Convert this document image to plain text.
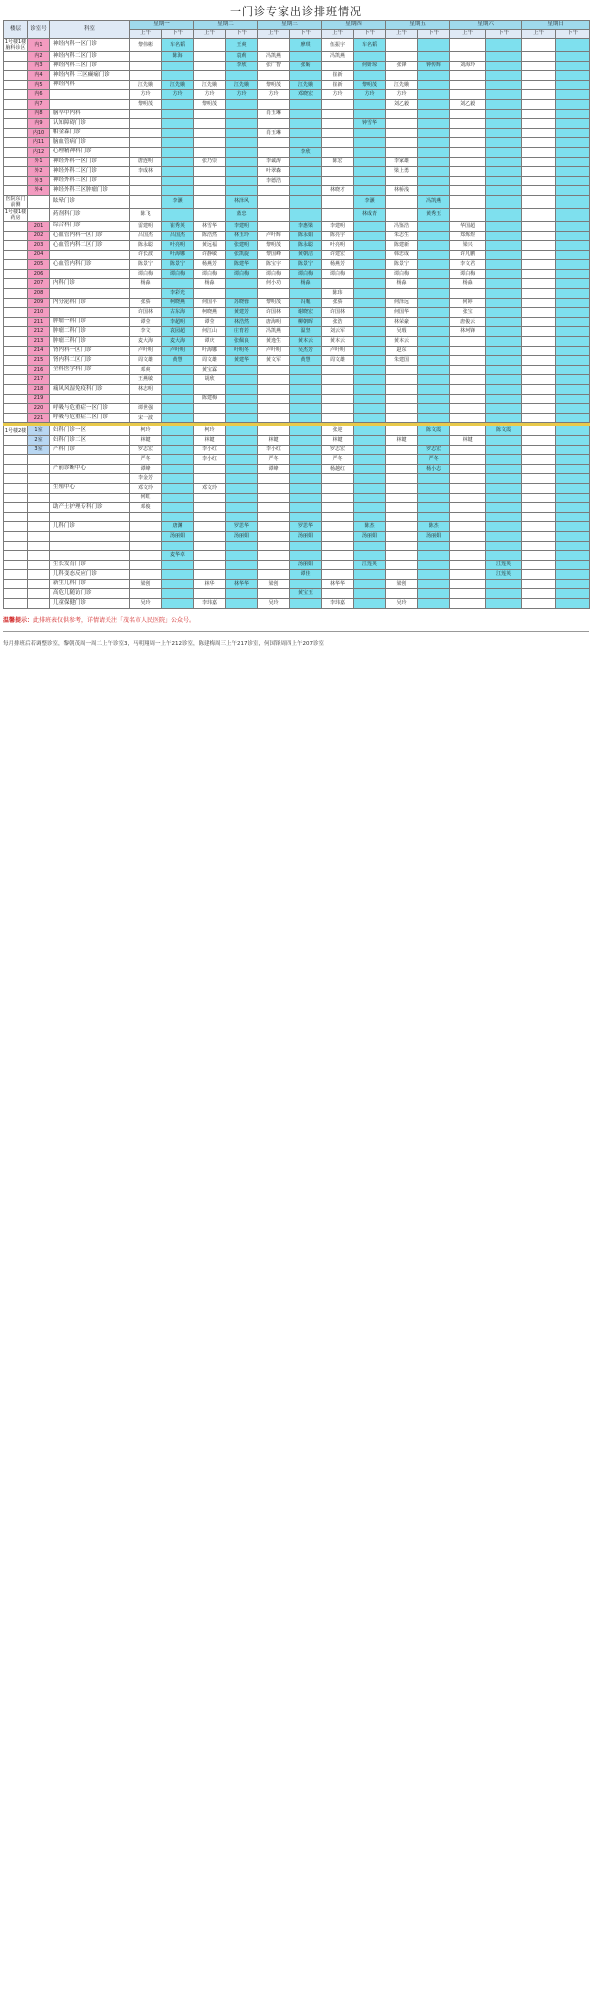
一门诊专家出诊排班情况
楼层	诊室号	科室	星期一		星期二		星期三		星期四		星期五		星期六		星期日	
			上午	下午	上午	下午	上午	下午	上午	下午	上午	下午	上午	下午	上午	下午
1号楼1楼脑科诊区	内1	神经内科一区门诊	黎伟彬	车名韬		王爽		廖琪	伍振宇	车名韬						
	内2	神经内科二区门诊		陈海		袁莉	冯凯燕		冯凯燕							
	内3	神经内科三区门诊				李欣	张广智	张砺		何妍琼	张锋	钟传辉	刘海玲			
	内4	神经内科 三区癫痫门诊							崔新							
	内5	神经内科	江先娥	江先娥	江先娥	江先娥	黎明茂	江先娥	崔新	黎明茂	江先娥					
	内6		方玲	方玲	方玲	方玲	方玲	邓晓宏	方玲	方玲	方玲					
	内7		黎明茂		黎明茂						刘乙毅		刘乙毅			
	内8	脑卒中内科					肖玉琳									
	内9	认知障碍门诊								钟雪华						
	内10	帕金森门诊					肖玉琳									
	内11	脑血管病门诊														
	内12	心理精神科门诊						李欣								
	外1	神经外科一区门诊	唐连明		张乃崇		李诚涛		陈宏		李家雄					
	外2	神经外科二区门诊	李成林				叶翠森				梁上勇					
	外3	神经外科三区门诊					李德浩									
	外4	神经外科三区肿瘤门诊							林晓才		林桥浅					
医院东门前侧		眩晕门诊		李灏		林泽风				李灏		冯凯燕				
1号楼1楼药房		药剂科门诊	陈飞			蓝忠				林成青		黄秀玉				
	201	综合科门诊	雷建明	崔秀英	林雪华	李建明		李惠梁	李建明		冯鉴浩		华国超			
	202	心血管内科一区门诊	吕国杰	吕国杰	陈浩然	林玉玲	卢叶辉	陈永娟	陈亮宇		朱志生		郑炼煜			
	203	心血管内科二区门诊	陈永聪	叶亮明	黄远福	张建明	黎明茂	陈永聪	叶亮明		陈建新		梁兴			
	204		许长波	叶海娜	许静敏	张凯旋	黎国峰	黄朝洁	许建宏		韩忠成		许凡鹏			
	205	心血管内科门诊	陈景宁	陈景宁	杨燕芳	陈建华	陈宝宇	陈景宁	杨燕芳		陈景宁		李文君			
	206		谭白梅	谭白梅	谭白梅	谭白梅	谭白梅	谭白梅	谭白梅		谭白梅		谭白梅			
	207	内科门诊	杨淼		杨淼		何小功	杨淼			杨淼		杨淼			
	208			李彩光					陈玮							
	209	内分泌科门诊	张骄	柯晓燕	何国平	苏晓蓉	黎明茂	冯胤	张骄		何泽远		何婷			
	210		许国林	古东海	柯晓燕	黄建芳	许国林	谢晓宏	许国林		何国华		张宝			
	211	肿瘤一科门诊	谭莹	李超明	谭莹	林浩然	唐海明	柳朝晖	张浩		林荣豪		唐俊云			
	212	肿瘤二科门诊	李文	袁园超	何江山	庄育若	冯凯燕	温坚	刘云军		吴瑕		林珂锋			
	213	肿瘤三科门诊	麦大海	麦大海	谭庆	张佩良	黄逸生	黄本云	黄本云		黄本云					
	214	肾内科一区门诊	卢叶明	卢叶明	叶海娜	叶明冬	卢叶明	吴杰芳	卢叶明		赵东					
	215	肾内科二区门诊	周文雄	黄慧	周文雄	黄建华	黄文军	黄慧	周文雄		朱建国					
	216	全科医学科门诊	邓爽		黄宝霖											
	217		王燕敏		胡欣											
	218	痛风风湿免疫科门诊	林志明													
	219				陈建梅											
	220	呼吸与危重症一区门诊	谭世强													
	221	呼吸与危重症二区门诊	宋一波													

1号楼2楼	1室	妇科门诊一区	柯玲		柯玲				张迎			陈文霞		陈文霞		
	2室	妇科门诊二区	林键		林键		林键		林键		林键		林键			
	3室	产科门诊	罗志宏		李小红		李小红		罗志宏			罗志宏				
			严冬		李小红		严冬		严冬			严冬				
		产前诊断中心	谭峰				谭峰		杨越红			杨小志				
			李金芳													
		生殖中心	邓文玲		邓文玲											
			何虹													
		助产士护理专科门诊	邓俊													

		儿科门诊		唐渊		罗思华		罗思华		陈杰		陈杰				
				汤丽娟		汤丽娟		汤丽娟		汤丽娟		汤丽娟				

				麦华卓												
		生长发育门诊						汤丽娟		江莲英				江莲英		
		儿科变态反应门诊						谭佳						江莲英		
		新生儿科门诊	梁创		林华	林华华	梁创		林华华		梁创					
		高危儿随访门诊						黄宝玉								
		儿童保健门诊	吴玲		李玮嘉		吴玲		李玮嘉		吴玲					
温馨提示：此排班表仅供参考，详情请关注「茂名市人民医院」公众号。
每月排班后若调整诊室，黎朝茂周一周二上午诊室3，马明翔周一上午212诊室，陈建梅周三上午217诊室，何国锋周四上午207诊室
